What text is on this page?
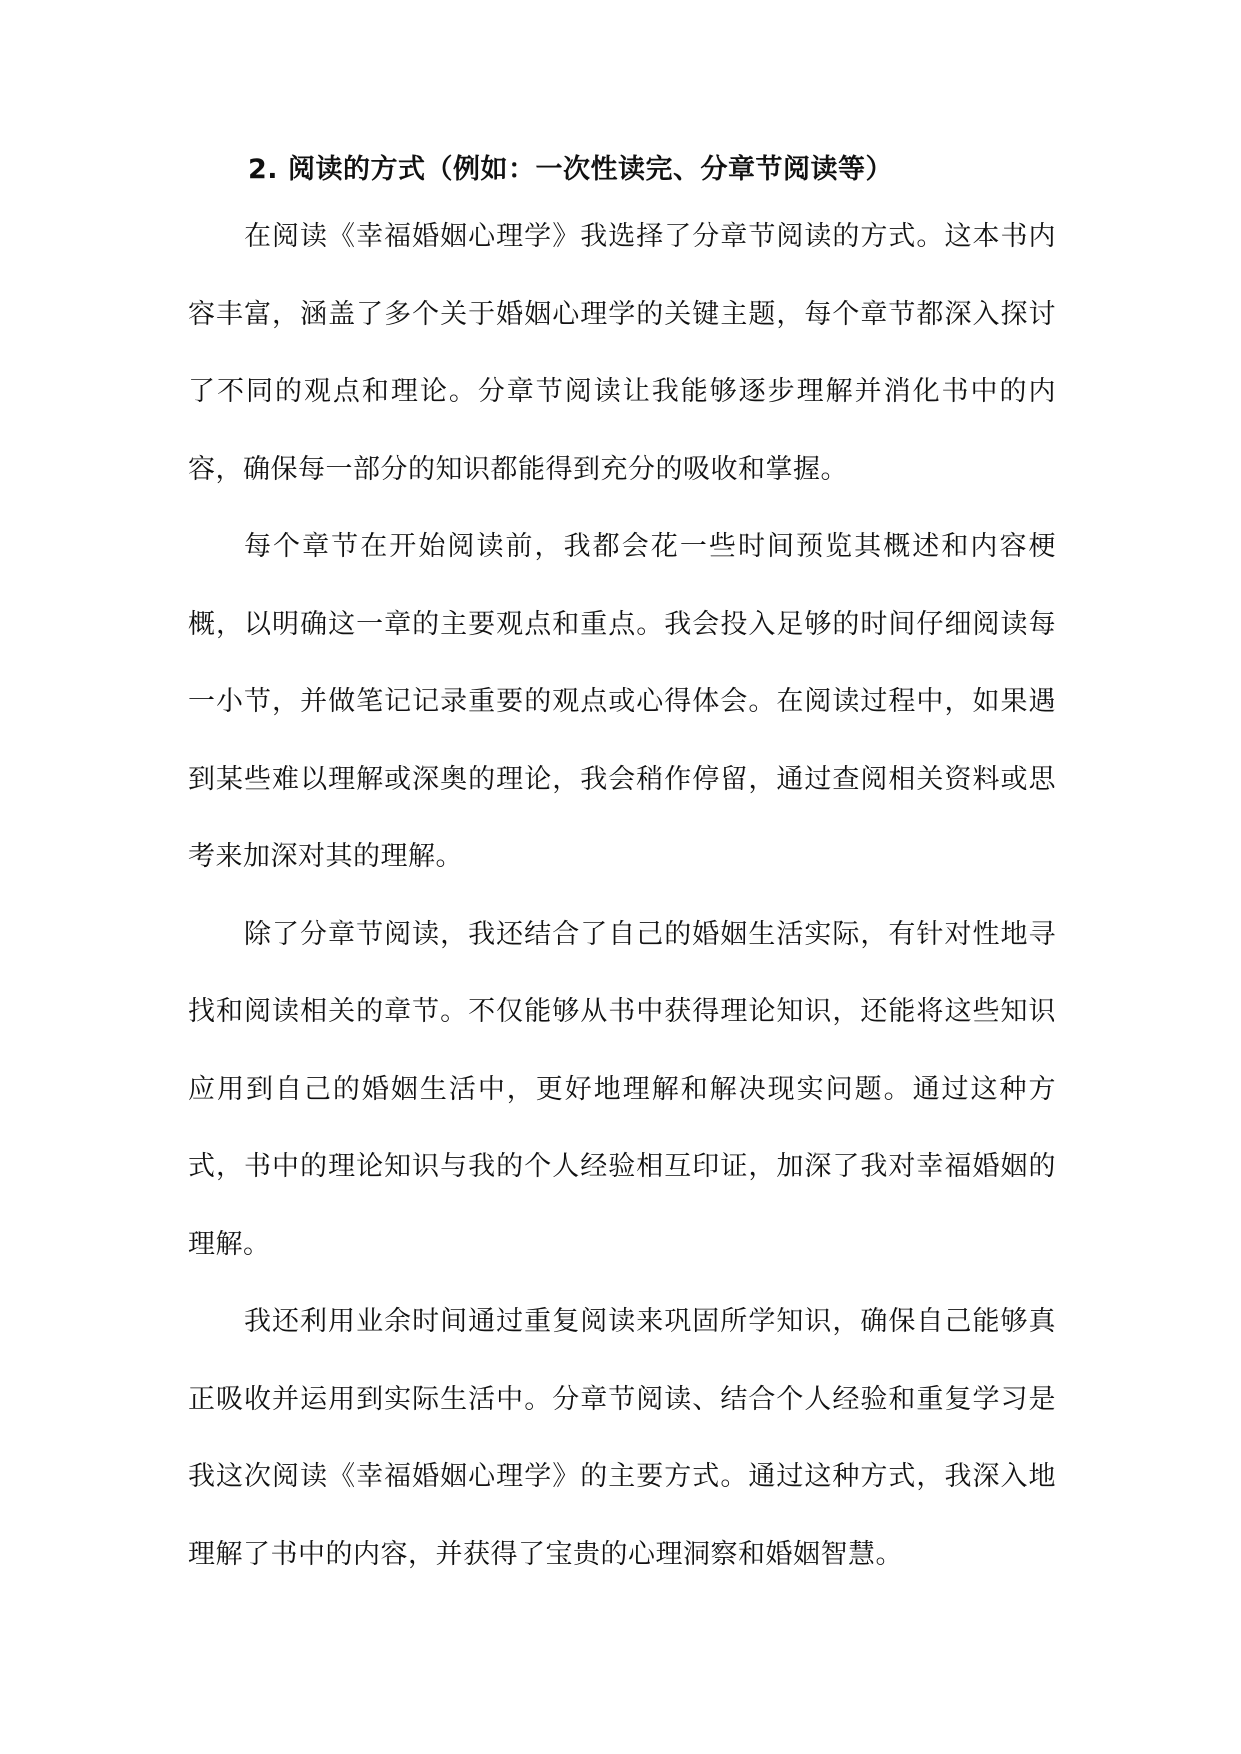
2. 阅读的方式（例如：一次性读完、分章节阅读等）

在阅读《幸福婚姻心理学》我选择了分章节阅读的方式。这本书内容丰富，涵盖了多个关于婚姻心理学的关键主题，每个章节都深入探讨了不同的观点和理论。分章节阅读让我能够逐步理解并消化书中的内容，确保每一部分的知识都能得到充分的吸收和掌握。

每个章节在开始阅读前，我都会花一些时间预览其概述和内容梗概，以明确这一章的主要观点和重点。我会投入足够的时间仔细阅读每一小节，并做笔记记录重要的观点或心得体会。在阅读过程中，如果遇到某些难以理解或深奥的理论，我会稍作停留，通过查阅相关资料或思考来加深对其的理解。

除了分章节阅读，我还结合了自己的婚姻生活实际，有针对性地寻找和阅读相关的章节。不仅能够从书中获得理论知识，还能将这些知识应用到自己的婚姻生活中，更好地理解和解决现实问题。通过这种方式，书中的理论知识与我的个人经验相互印证，加深了我对幸福婚姻的理解。

我还利用业余时间通过重复阅读来巩固所学知识，确保自己能够真正吸收并运用到实际生活中。分章节阅读、结合个人经验和重复学习是我这次阅读《幸福婚姻心理学》的主要方式。通过这种方式，我深入地理解了书中的内容，并获得了宝贵的心理洞察和婚姻智慧。
